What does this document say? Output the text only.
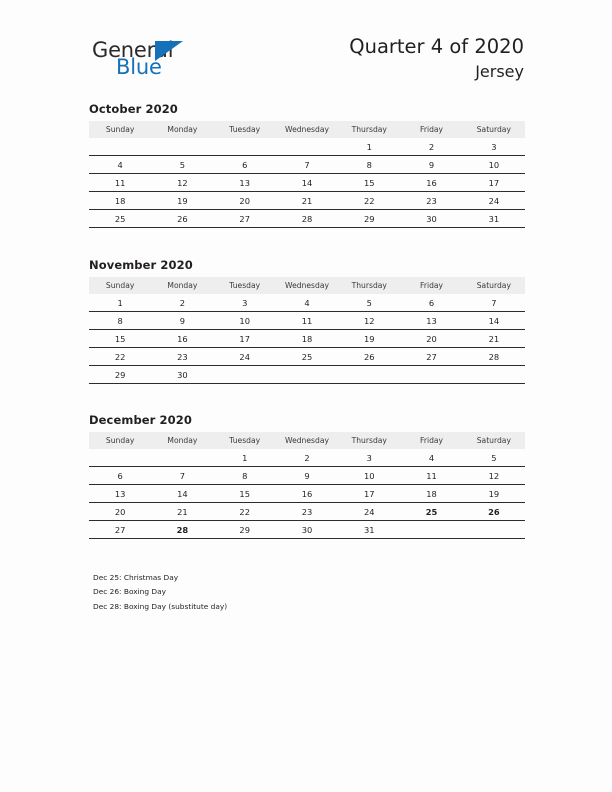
General
Blue
Quarter 4 of 2020
Jersey
October 2020
Sunday	Monday	Tuesday	Wednesday	Thursday	Friday	Saturday
				1	2	3
4	5	6	7	8	9	10
11	12	13	14	15	16	17
18	19	20	21	22	23	24
25	26	27	28	29	30	31
November 2020
Sunday	Monday	Tuesday	Wednesday	Thursday	Friday	Saturday
1	2	3	4	5	6	7
8	9	10	11	12	13	14
15	16	17	18	19	20	21
22	23	24	25	26	27	28
29	30					
December 2020
Sunday	Monday	Tuesday	Wednesday	Thursday	Friday	Saturday
		1	2	3	4	5
6	7	8	9	10	11	12
13	14	15	16	17	18	19
20	21	22	23	24	25	26
27	28	29	30	31		
Dec 25: Christmas Day
Dec 26: Boxing Day
Dec 28: Boxing Day (substitute day)
